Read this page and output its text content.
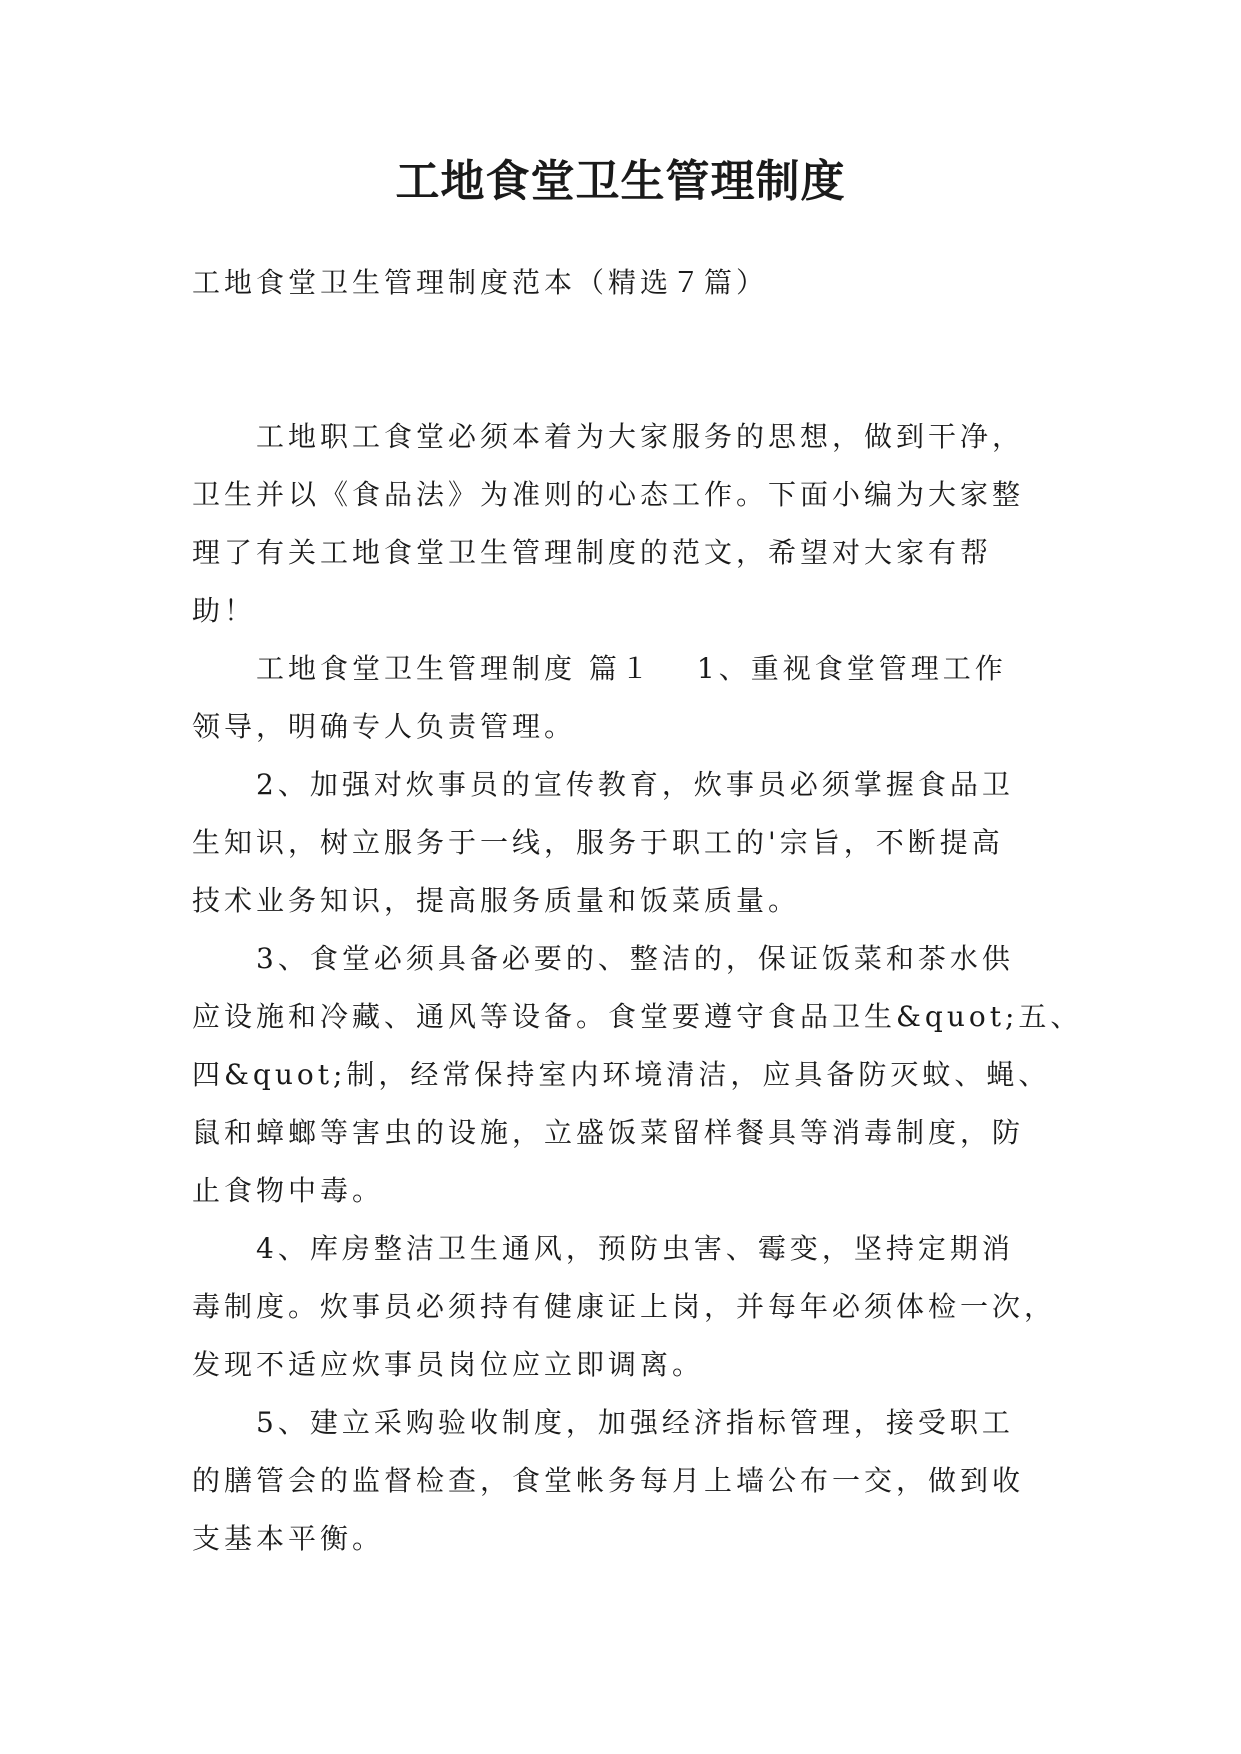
工地食堂卫生管理制度

工地食堂卫生管理制度范本（精选７篇）

工地职工食堂必须本着为大家服务的思想，做到干净，
卫生并以《食品法》为准则的心态工作。下面小编为大家整
理了有关工地食堂卫生管理制度的范文，希望对大家有帮
助！

工地食堂卫生管理制度 篇１ 1、重视食堂管理工作
领导，明确专人负责管理。

2、加强对炊事员的宣传教育，炊事员必须掌握食品卫
生知识，树立服务于一线，服务于职工的'宗旨，不断提高
技术业务知识，提高服务质量和饭菜质量。

3、食堂必须具备必要的、整洁的，保证饭菜和茶水供
应设施和冷藏、通风等设备。食堂要遵守食品卫生&quot;五、
四&quot;制，经常保持室内环境清洁，应具备防灭蚊、蝇、
鼠和蟑螂等害虫的设施，立盛饭菜留样餐具等消毒制度，防
止食物中毒。

4、库房整洁卫生通风，预防虫害、霉变，坚持定期消
毒制度。炊事员必须持有健康证上岗，并每年必须体检一次，
发现不适应炊事员岗位应立即调离。

5、建立采购验收制度，加强经济指标管理，接受职工
的膳管会的监督检查，食堂帐务每月上墙公布一交，做到收
支基本平衡。
